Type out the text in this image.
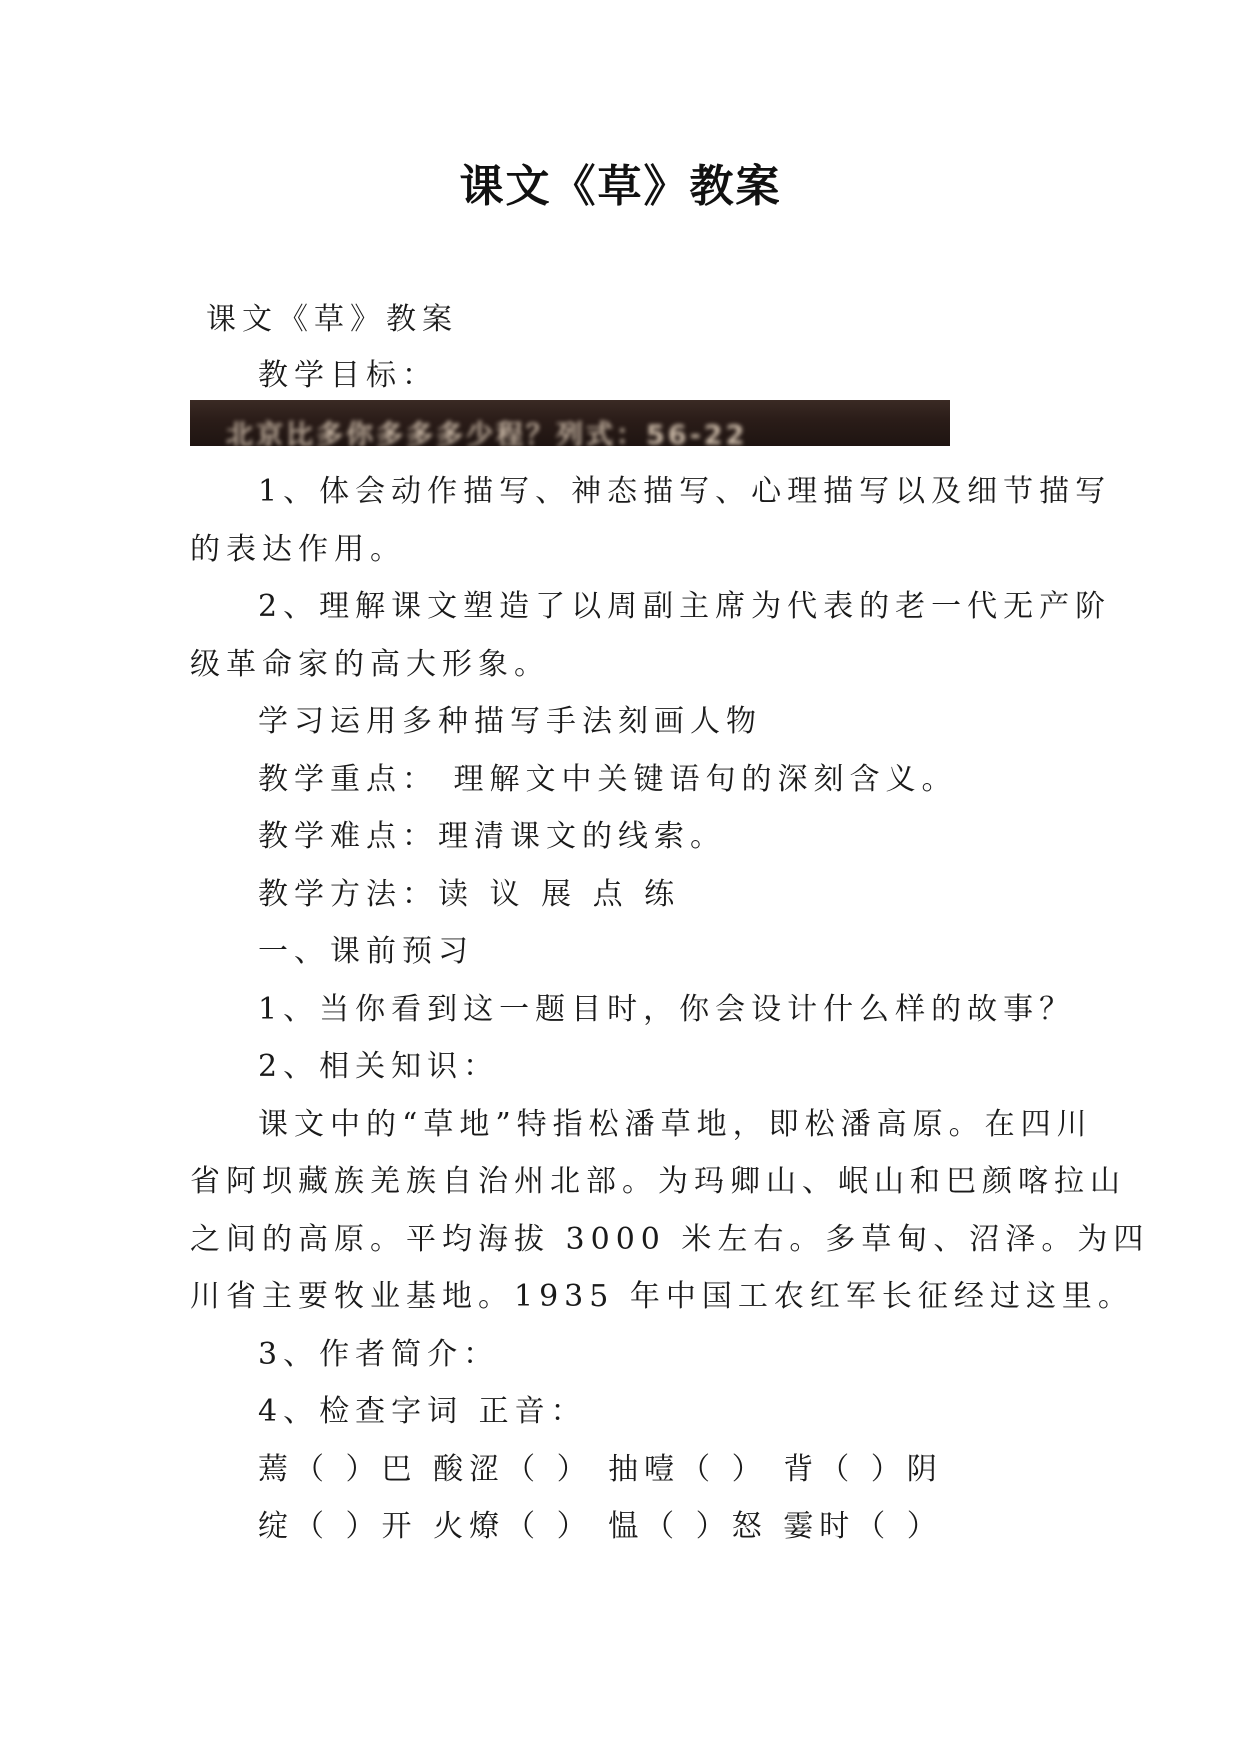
课文《草》教案
课文《草》教案
教学目标：
北京比多你多多多少程？列式：56-22
1、体会动作描写、神态描写、心理描写以及细节描写
的表达作用。
2、理解课文塑造了以周副主席为代表的老一代无产阶
级革命家的高大形象。
学习运用多种描写手法刻画人物
教学重点： 理解文中关键语句的深刻含义。
教学难点：理清课文的线索。
教学方法：读 议 展 点 练
一、课前预习
1、当你看到这一题目时，你会设计什么样的故事？
2、相关知识：
课文中的“草地”特指松潘草地，即松潘高原。在四川
省阿坝藏族羌族自治州北部。为玛卿山、岷山和巴颜喀拉山
之间的高原。平均海拔 3000 米左右。多草甸、沼泽。为四
川省主要牧业基地。1935 年中国工农红军长征经过这里。
3、作者简介：
4、检查字词 正音：
蔫（ ）巴 酸涩（ ） 抽噎（ ） 背（ ）阴
绽（ ）开 火燎（ ） 愠（ ）怒 霎时（ ）
